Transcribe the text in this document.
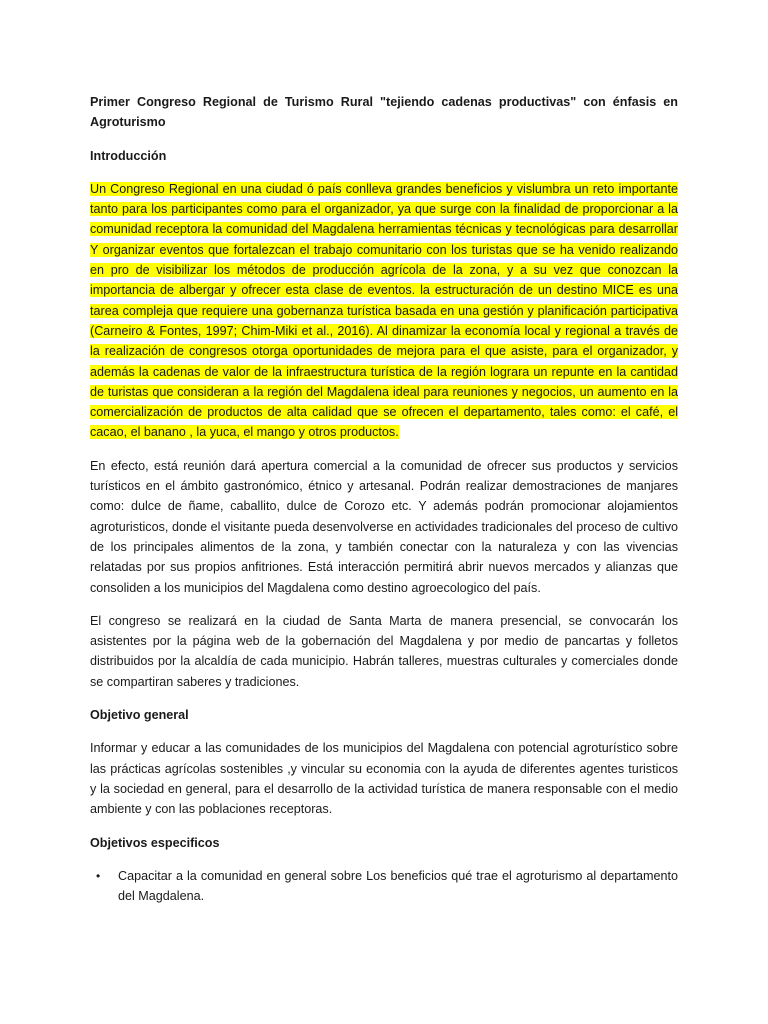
Primer Congreso Regional de Turismo Rural "tejiendo cadenas productivas" con énfasis en Agroturismo

Introducción

Un Congreso Regional en una ciudad ó país conlleva grandes beneficios y vislumbra un reto importante tanto para los participantes como para el organizador, ya que surge con la finalidad de proporcionar a la comunidad receptora la comunidad del Magdalena herramientas técnicas y tecnológicas para desarrollar Y organizar eventos que fortalezcan el trabajo comunitario con los turistas que se ha venido realizando en pro de visibilizar los métodos de producción agrícola de la zona, y a su vez que conozcan la importancia de albergar y ofrecer esta clase de eventos. la estructuración de un destino MICE es una tarea compleja que requiere una gobernanza turística basada en una gestión y planificación participativa (Carneiro & Fontes, 1997; Chim-Miki et al., 2016). Al dinamizar la economía local y regional a través de la realización de congresos otorga oportunidades de mejora para el que asiste, para el organizador, y además la cadenas de valor de la infraestructura turística de la región lograra un repunte en la cantidad de turistas que consideran a la región del Magdalena ideal para reuniones y negocios, un aumento en la comercialización de productos de alta calidad que se ofrecen el departamento, tales como: el café, el cacao, el banano , la yuca, el mango y otros productos.

En efecto, está reunión dará apertura comercial a la comunidad de ofrecer sus productos y servicios turísticos en el ámbito gastronómico, étnico y artesanal. Podrán realizar demostraciones de manjares como: dulce de ñame, caballito, dulce de Corozo etc. Y además podrán promocionar alojamientos agroturisticos, donde el visitante pueda desenvolverse en actividades tradicionales del proceso de cultivo de los principales alimentos de la zona, y también conectar con la naturaleza y con las vivencias relatadas por sus propios anfitriones. Está interacción permitirá abrir nuevos mercados y alianzas que consoliden a los municipios del Magdalena como destino agroecologico del país.

El congreso se realizará en la ciudad de Santa Marta de manera presencial, se convocarán los asistentes por la página web de la gobernación del Magdalena y por medio de pancartas y folletos distribuidos por la alcaldía de cada municipio. Habrán talleres, muestras culturales y comerciales donde se compartiran saberes y tradiciones.

Objetivo general

Informar y educar a las comunidades de los municipios del Magdalena con potencial agroturístico sobre las prácticas agrícolas sostenibles ,y vincular su economia con la ayuda de diferentes agentes turisticos y la sociedad en general, para el desarrollo de la actividad turística de manera responsable con el medio ambiente y con las poblaciones receptoras.

Objetivos especificos

• Capacitar a la comunidad en general sobre Los beneficios qué trae el agroturismo al departamento del Magdalena.
